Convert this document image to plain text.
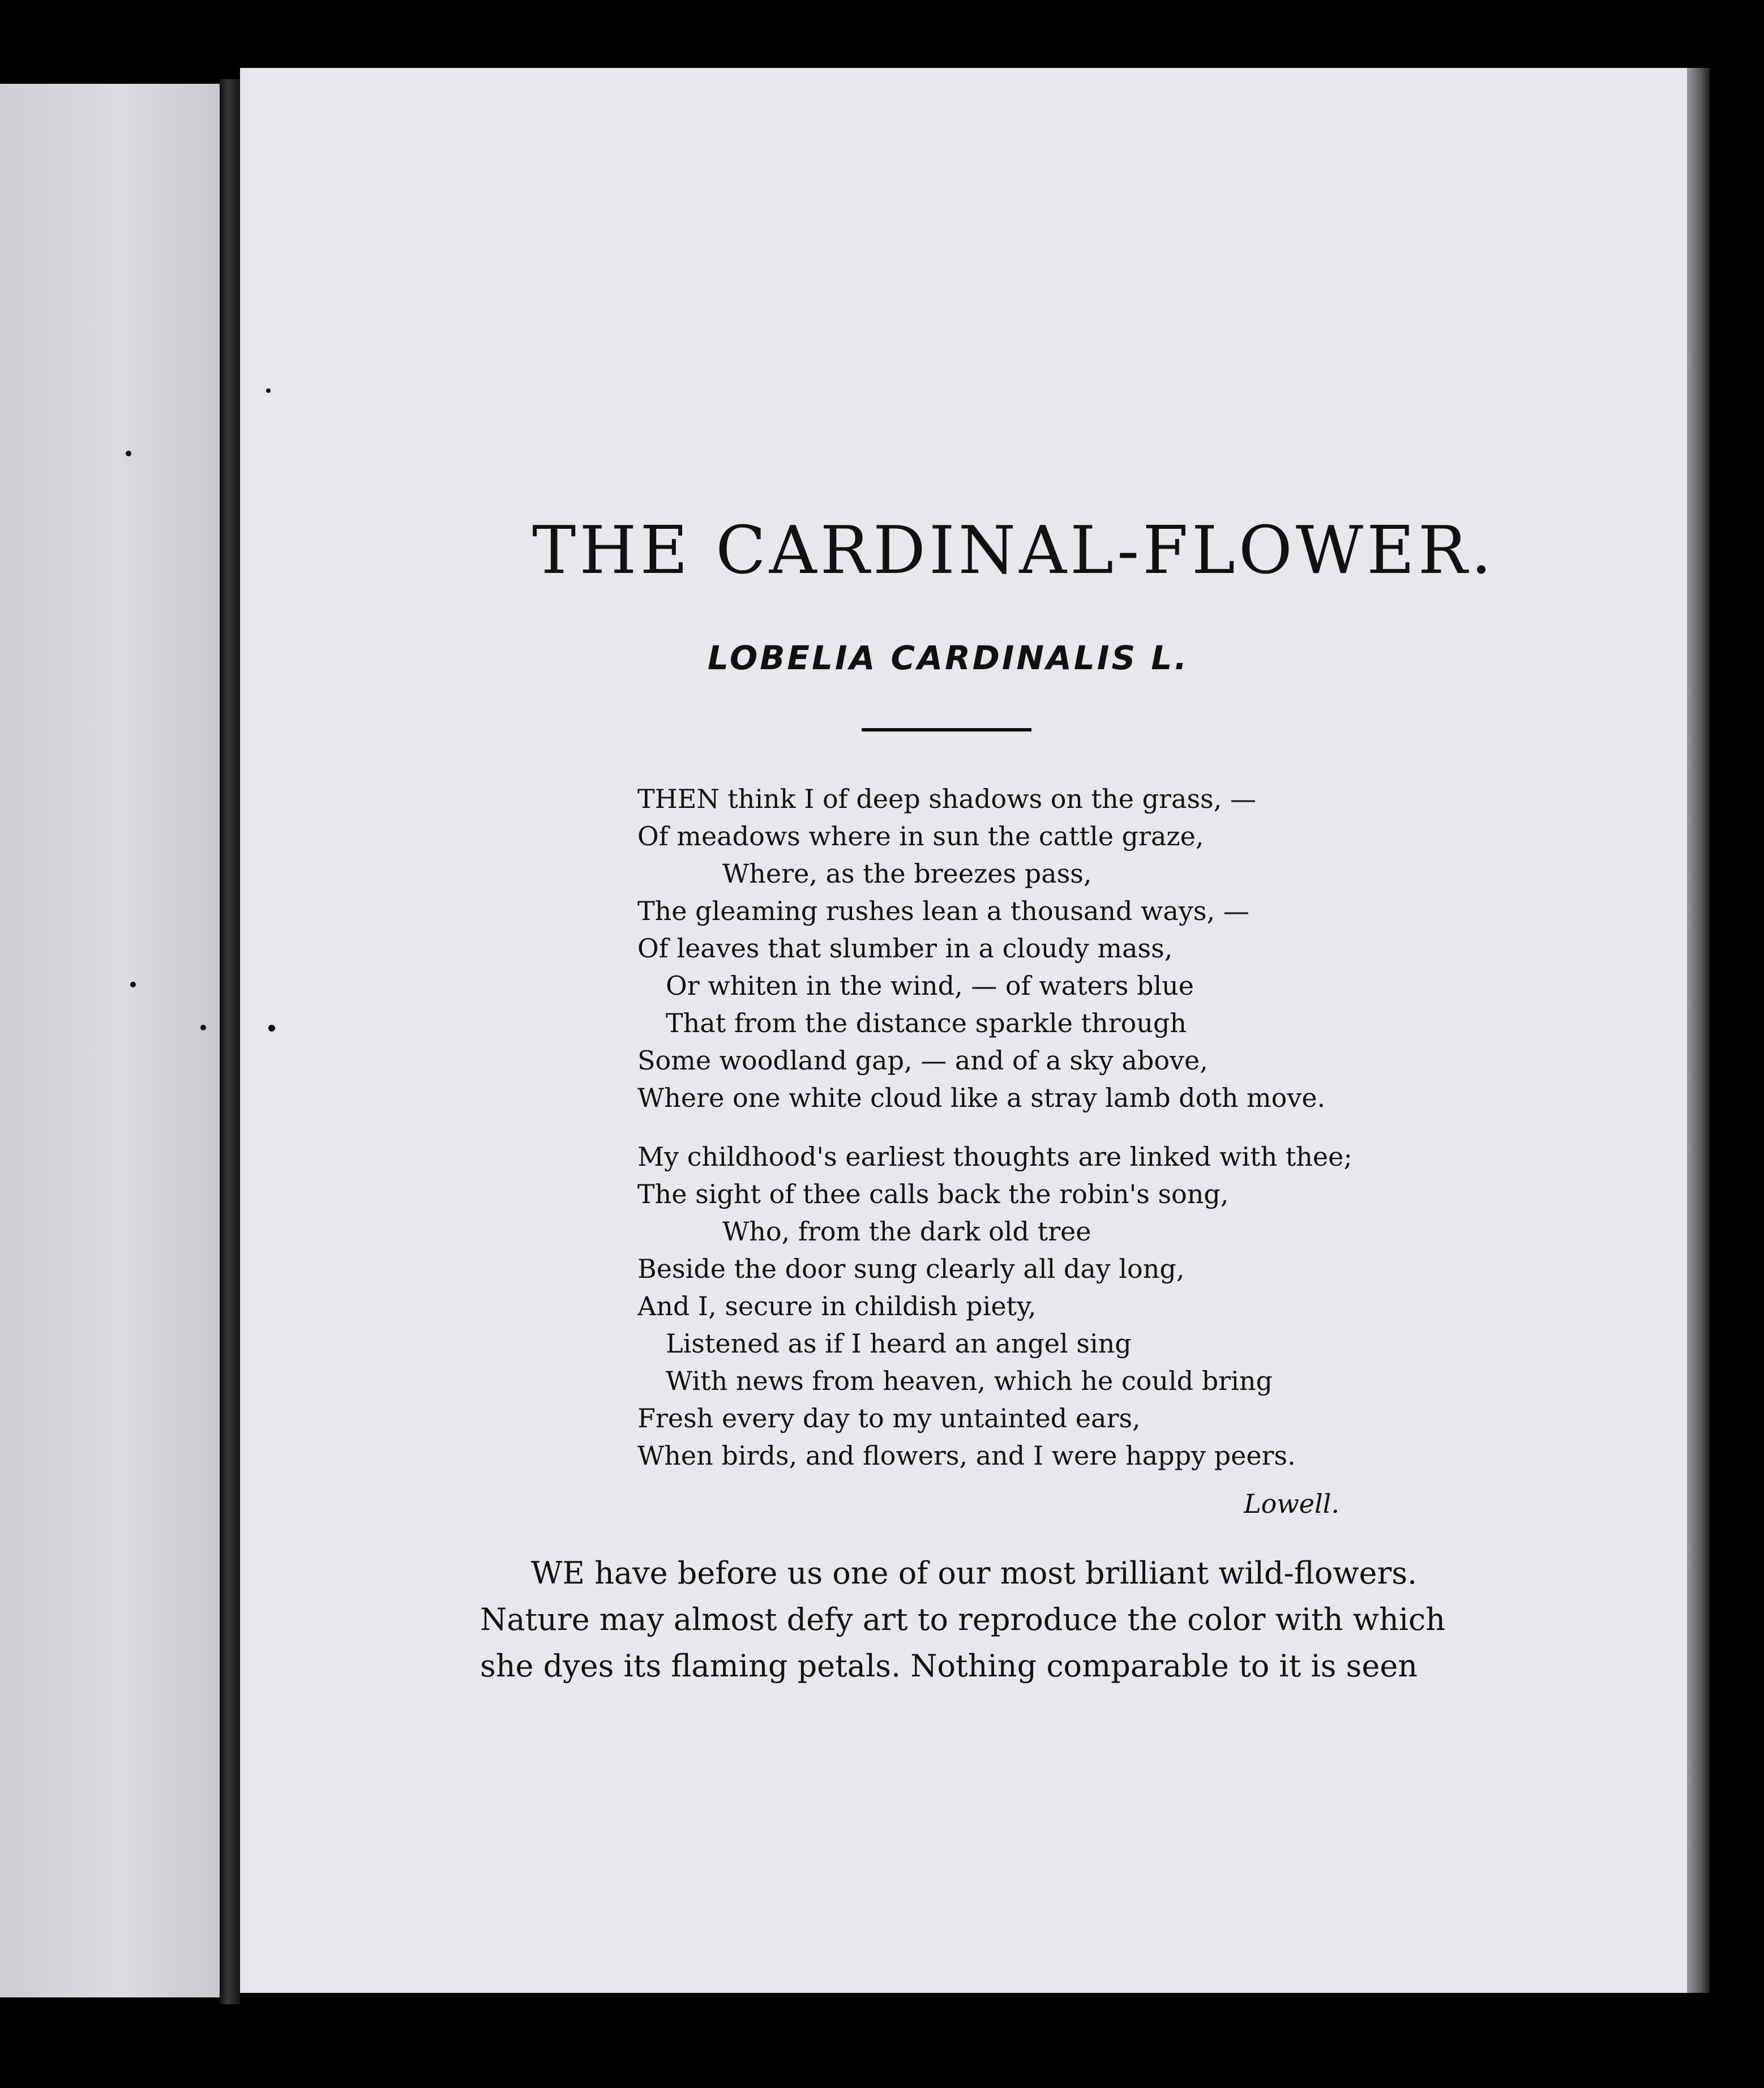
THE CARDINAL-FLOWER.
LOBELIA CARDINALIS L.
THEN think I of deep shadows on the grass, —
Of meadows where in sun the cattle graze,
Where, as the breezes pass,
The gleaming rushes lean a thousand ways, —
Of leaves that slumber in a cloudy mass,
Or whiten in the wind, — of waters blue
That from the distance sparkle through
Some woodland gap, — and of a sky above,
Where one white cloud like a stray lamb doth move.
My childhood's earliest thoughts are linked with thee;
The sight of thee calls back the robin's song,
Who, from the dark old tree
Beside the door sung clearly all day long,
And I, secure in childish piety,
Listened as if I heard an angel sing
With news from heaven, which he could bring
Fresh every day to my untainted ears,
When birds, and flowers, and I were happy peers.
Lowell.
WE have before us one of our most brilliant wild-flowers.
Nature may almost defy art to reproduce the color with which
she dyes its flaming petals. Nothing comparable to it is seen
